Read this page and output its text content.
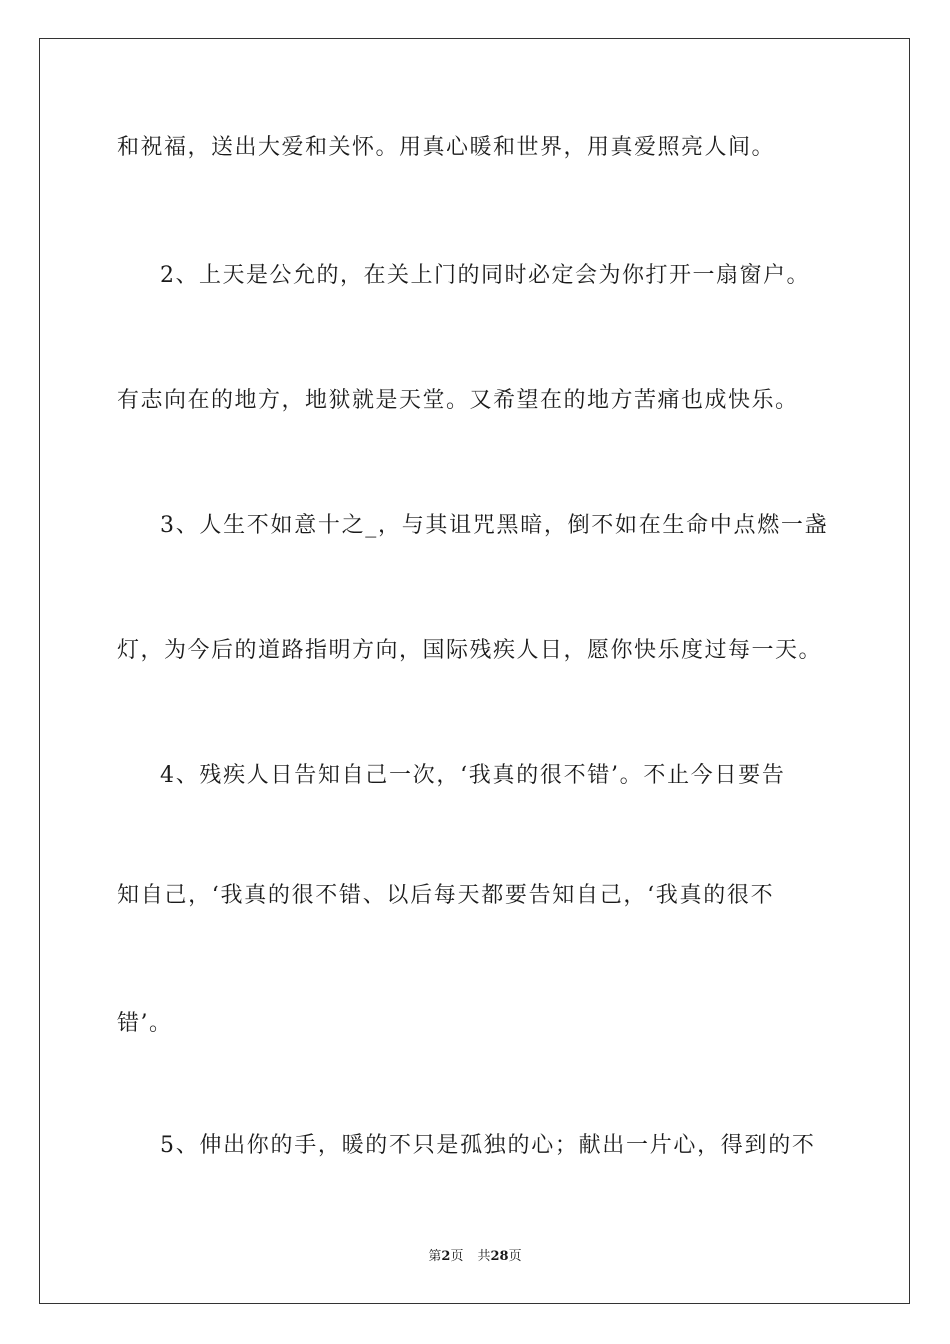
和祝福，送出大爱和关怀。用真心暖和世界，用真爱照亮人间。
2、上天是公允的，在关上门的同时必定会为你打开一扇窗户。
有志向在的地方，地狱就是天堂。又希望在的地方苦痛也成快乐。
3、人生不如意十之_，与其诅咒黑暗，倒不如在生命中点燃一盏
灯，为今后的道路指明方向，国际残疾人日，愿你快乐度过每一天。
4、残疾人日告知自己一次，‘我真的很不错’。不止今日要告
知自己，‘我真的很不错、以后每天都要告知自己，‘我真的很不
错’。
5、伸出你的手，暖的不只是孤独的心；献出一片心，得到的不
第2页 共28页
